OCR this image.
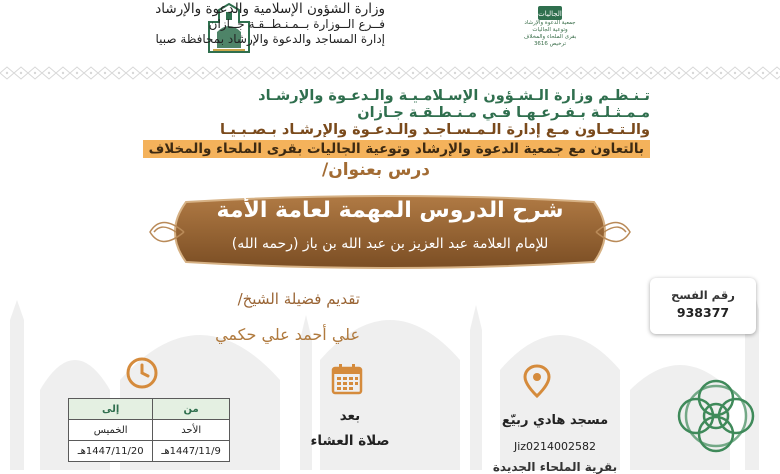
الجاليات
جمعية الدعوة والإرشاد
وتوعية الجاليات
بقرى الملحاء والمخلاف
ترخيص 3616
وزارة الشؤون الإسلامية والدعوة والإرشاد
فــرع الــوزارة بــمـنـطــقـة جــازان
إدارة المساجد والدعوة والإرشاد بمحافظة صبيا
تـنـظـم وزارة الـشـؤون الإسـلامـيـة والـدعـوة والإرشـاد
مـمـثـلـة بـفـرعـهـا فـي مـنـطـقـة جـازان
والـتـعـاون مـع إدارة الـمـسـاجـد والـدعـوة والإرشـاد بـصـبـيـا
بالتعاون مع جمعية الدعوة والإرشاد وتوعية الجاليات بقرى الملحاء والمخلاف
درس بعنوان/
شرح الدروس المهمة لعامة الأمة
للإمام العلامة عبد العزيز بن عبد الله بن باز (رحمه الله)
تقديم فضيلة الشيخ/
علي أحمد علي حكمي
رقم الفسح
938377
من	إلى
الأحد	الخميس
1447/11/9هـ	1447/11/20هـ
بعد
صلاة العشاء
مسجد هادي ربيّع
Jiz0214002582
بقرية الملحاء الجديدة
